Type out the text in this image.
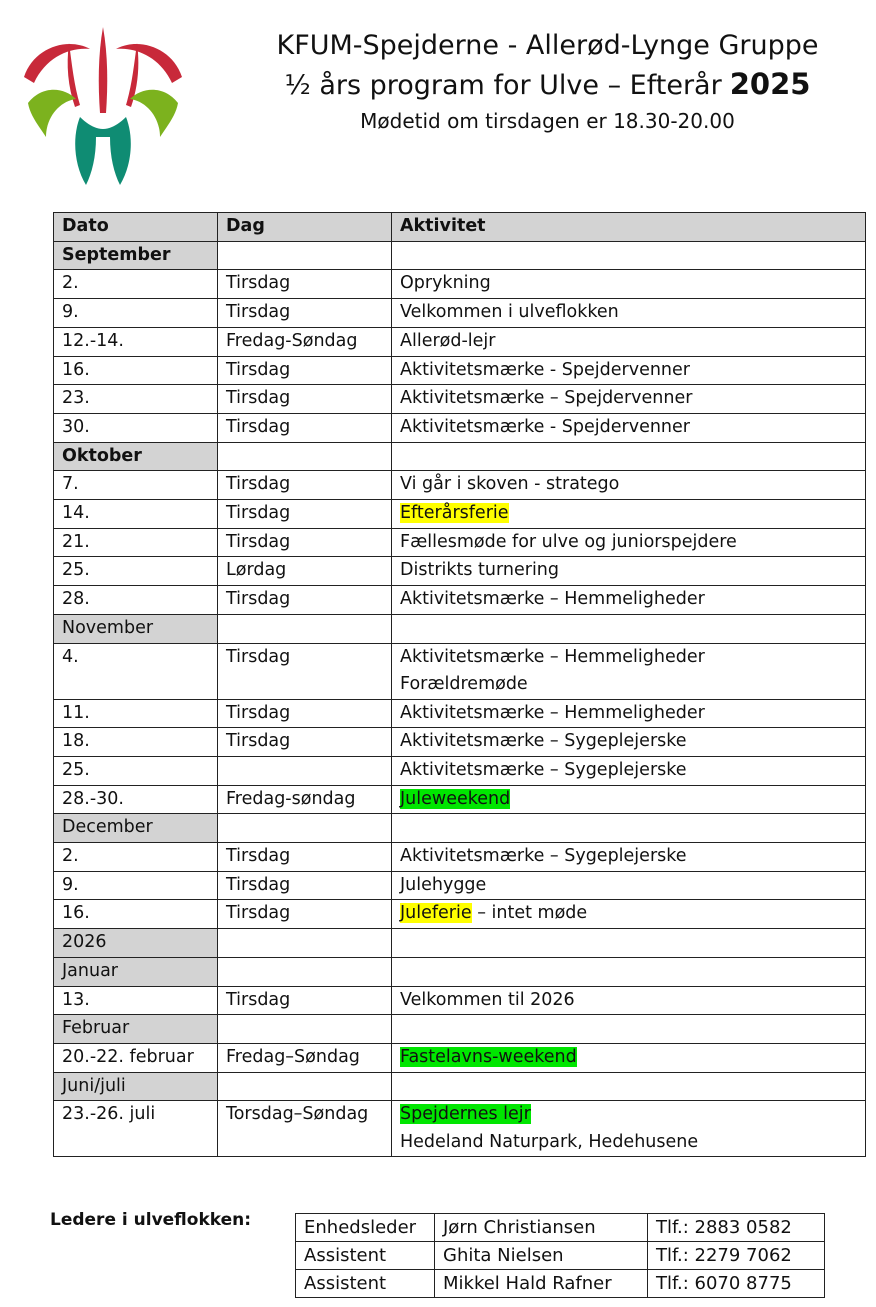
KFUM-Spejderne - Allerød-Lynge Gruppe
½ års program for Ulve – Efterår 2025
Mødetid om tirsdagen er 18.30-20.00
Dato	Dag	Aktivitet
September		
2.	Tirsdag	Oprykning
9.	Tirsdag	Velkommen i ulveflokken
12.-14.	Fredag-Søndag	Allerød-lejr
16.	Tirsdag	Aktivitetsmærke - Spejdervenner
23.	Tirsdag	Aktivitetsmærke – Spejdervenner
30.	Tirsdag	Aktivitetsmærke - Spejdervenner
Oktober		
7.	Tirsdag	Vi går i skoven - stratego
14.	Tirsdag	Efterårsferie
21.	Tirsdag	Fællesmøde for ulve og juniorspejdere
25.	Lørdag	Distrikts turnering
28.	Tirsdag	Aktivitetsmærke – Hemmeligheder
November		
4.	Tirsdag	Aktivitetsmærke – Hemmeligheder
Forældremøde
11.	Tirsdag	Aktivitetsmærke – Hemmeligheder
18.	Tirsdag	Aktivitetsmærke – Sygeplejerske
25.		Aktivitetsmærke – Sygeplejerske
28.-30.	Fredag-søndag	Juleweekend
December		
2.	Tirsdag	Aktivitetsmærke – Sygeplejerske
9.	Tirsdag	Julehygge
16.	Tirsdag	Juleferie – intet møde
2026		
Januar		
13.	Tirsdag	Velkommen til 2026
Februar		
20.-22. februar	Fredag–Søndag	Fastelavns-weekend
Juni/juli		
23.-26. juli	Torsdag–Søndag	Spejdernes lejr
Hedeland Naturpark, Hedehusene
Ledere i ulveflokken:	Enhedsleder	Jørn Christiansen	Tlf.: 2883 0582
Assistent	Ghita Nielsen	Tlf.: 2279 7062
Assistent	Mikkel Hald Rafner	Tlf.: 6070 8775
